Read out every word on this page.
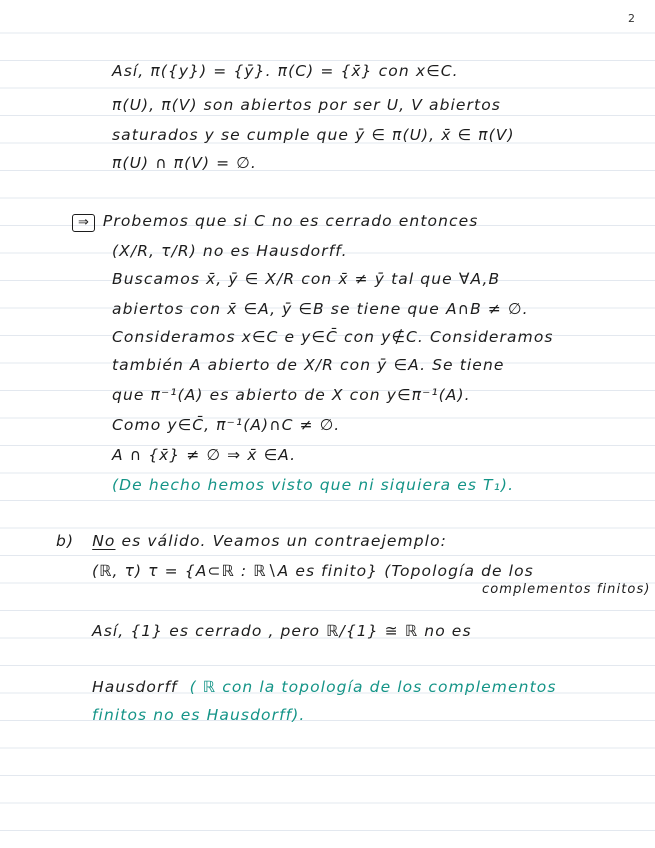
2
Así, π({y}) = {ȳ}. π(C) = {x̄} con x∈C.
π(U), π(V) son abiertos por ser U, V abiertos
saturados y se cumple que ȳ ∈ π(U), x̄ ∈ π(V)
π(U) ∩ π(V) = ∅.
⇒ Probemos que si C no es cerrado entonces
(X/R, τ/R) no es Hausdorff.
Buscamos x̄, ȳ ∈ X/R con x̄ ≠ ȳ tal que ∀A,B
abiertos con x̄ ∈A, ȳ ∈B se tiene que A∩B ≠ ∅.
Consideramos x∈C e y∈C̄ con y∉C. Consideramos
también A abierto de X/R con ȳ ∈A. Se tiene
que π⁻¹(A) es abierto de X con y∈π⁻¹(A).
Como y∈C̄, π⁻¹(A)∩C ≠ ∅.
A ∩ {x̄} ≠ ∅ ⇒ x̄ ∈A.
(De hecho hemos visto que ni siquiera es T₁).
b) No es válido. Veamos un contraejemplo:
(ℝ, τ) τ = {A⊂ℝ : ℝ∖A es finito} (Topología de los
complementos finitos)
Así, {1} es cerrado , pero ℝ/{1} ≅ ℝ no es
Hausdorff ( ℝ con la topología de los complementos
finitos no es Hausdorff).
